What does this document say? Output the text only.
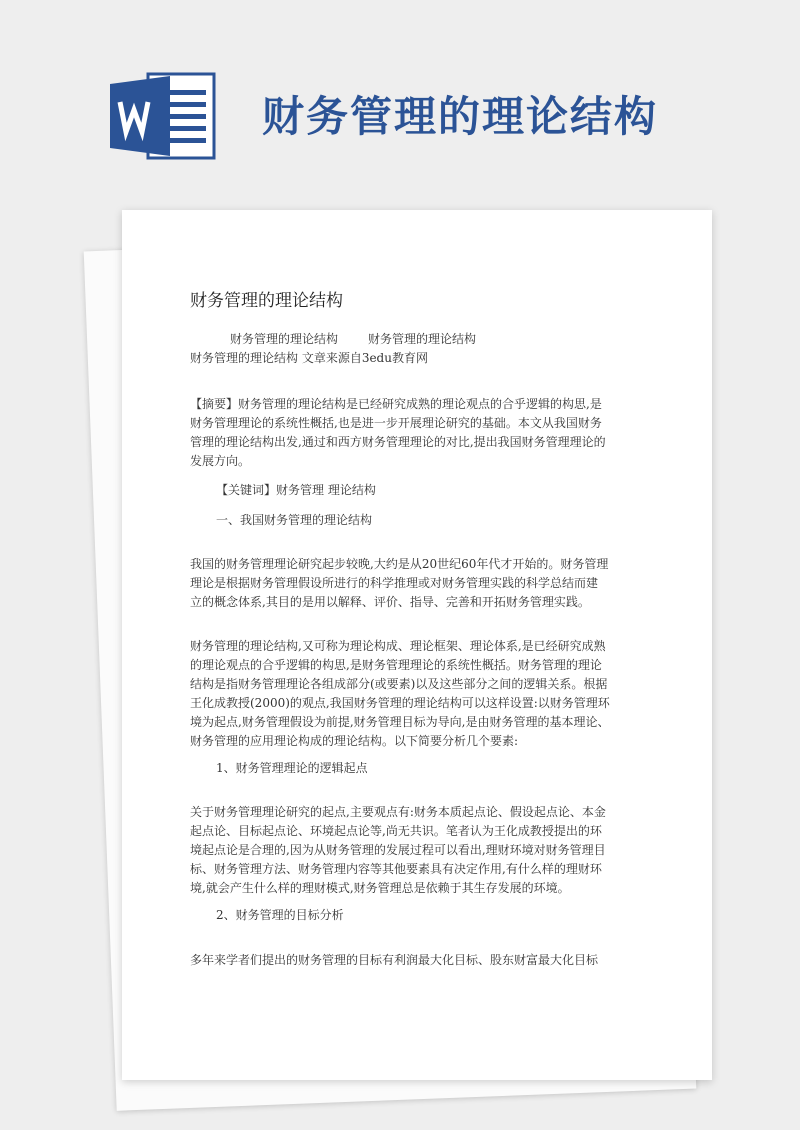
财务管理的理论结构
财务管理的理论结构
财务管理的理论结构 财务管理的理论结构
财务管理的理论结构 文章来源自3edu教育网
【摘要】财务管理的理论结构是已经研究成熟的理论观点的合乎逻辑的构思,是
财务管理理论的系统性概括,也是进一步开展理论研究的基础。本文从我国财务
管理的理论结构出发,通过和西方财务管理理论的对比,提出我国财务管理理论的
发展方向。
【关键词】财务管理 理论结构
一、我国财务管理的理论结构
我国的财务管理理论研究起步较晚,大约是从20世纪60年代才开始的。财务管理
理论是根据财务管理假设所进行的科学推理或对财务管理实践的科学总结而建
立的概念体系,其目的是用以解释、评价、指导、完善和开拓财务管理实践。
财务管理的理论结构,又可称为理论构成、理论框架、理论体系,是已经研究成熟
的理论观点的合乎逻辑的构思,是财务管理理论的系统性概括。财务管理的理论
结构是指财务管理理论各组成部分(或要素)以及这些部分之间的逻辑关系。根据
王化成教授(2000)的观点,我国财务管理的理论结构可以这样设置:以财务管理环
境为起点,财务管理假设为前提,财务管理目标为导向,是由财务管理的基本理论、
财务管理的应用理论构成的理论结构。以下简要分析几个要素:
1、财务管理理论的逻辑起点
关于财务管理理论研究的起点,主要观点有:财务本质起点论、假设起点论、本金
起点论、目标起点论、环境起点论等,尚无共识。笔者认为王化成教授提出的环
境起点论是合理的,因为从财务管理的发展过程可以看出,理财环境对财务管理目
标、财务管理方法、财务管理内容等其他要素具有决定作用,有什么样的理财环
境,就会产生什么样的理财模式,财务管理总是依赖于其生存发展的环境。
2、财务管理的目标分析
多年来学者们提出的财务管理的目标有利润最大化目标、股东财富最大化目标
